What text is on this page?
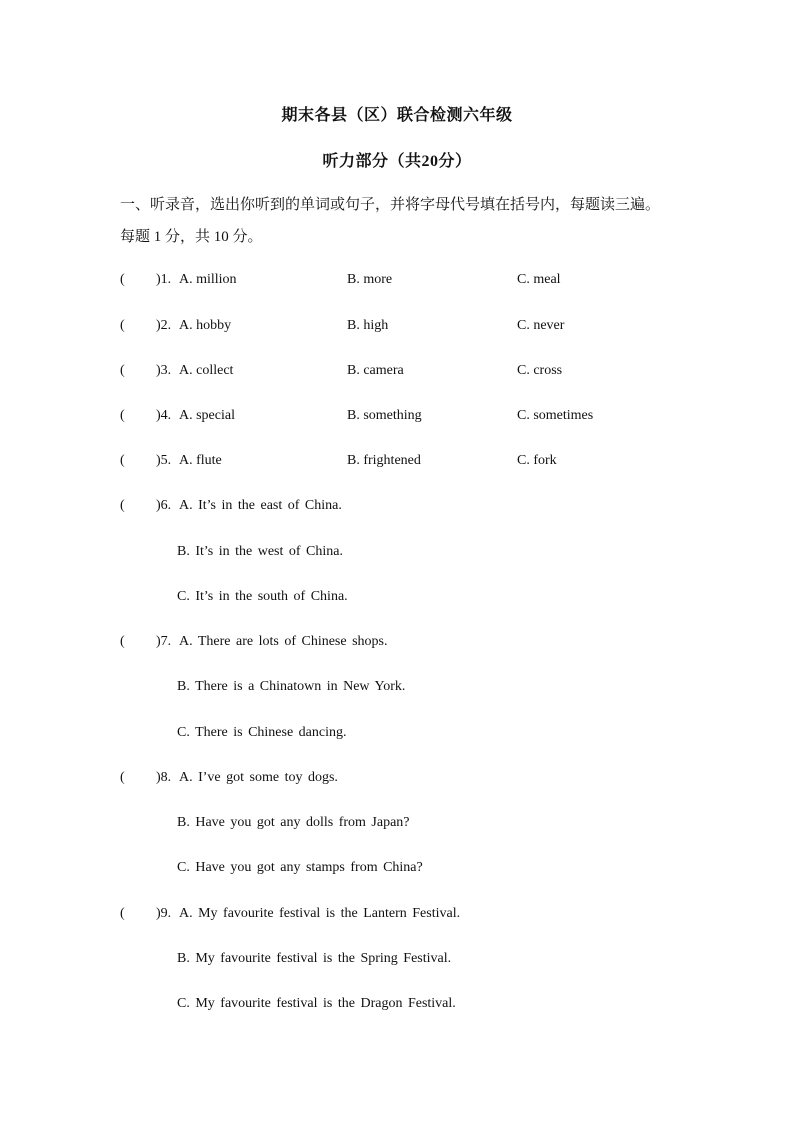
期末各县（区）联合检测六年级
听力部分（共20分）
一、听录音，选出你听到的单词或句子，并将字母代号填在括号内，每题读三遍。
每题 1 分，共 10 分。
( )1. A. million	B. more	C. meal
( )2. A. hobby	B. high	C. never
( )3. A. collect	B. camera	C. cross
( )4. A. special	B. something	C. sometimes
( )5. A. flute	B. frightened	C. fork
( )6. A. It’s in the east of China.
B. It’s in the west of China.
C. It’s in the south of China.
( )7. A. There are lots of Chinese shops.
B. There is a Chinatown in New York.
C. There is Chinese dancing.
( )8. A. I’ve got some toy dogs.
B. Have you got any dolls from Japan?
C. Have you got any stamps from China?
( )9. A. My favourite festival is the Lantern Festival.
B. My favourite festival is the Spring Festival.
C. My favourite festival is the Dragon Festival.
